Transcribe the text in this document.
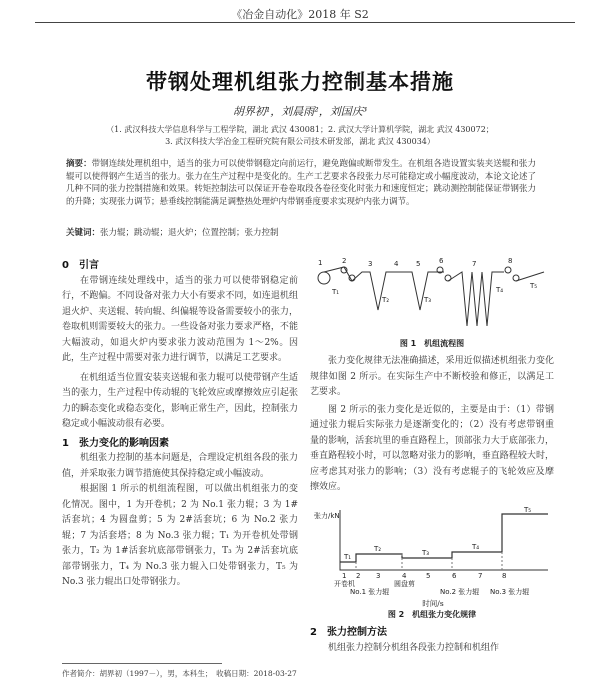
《冶金自动化》2018 年 S2
带钢处理机组张力控制基本措施
胡界初¹，刘晨雨²，刘国庆³
（1. 武汉科技大学信息科学与工程学院，湖北 武汉 430081；2. 武汉大学计算机学院，湖北 武汉 430072；
3. 武汉科技大学冶金工程研究院有限公司技术研发部，湖北 武汉 430034）
摘要：带钢连续处理机组中，适当的张力可以使带钢稳定向前运行，避免跑偏或断带发生。在机组各造设置实装夹送辊和张力辊可以使得钢产生适当的张力。张力在生产过程中是变化的。生产工艺要求各段张力尽可能稳定或小幅度波动，本论文论述了几种不同的张力控制措施和效果。转矩控制法可以保证开卷卷取段各卷径变化时张力和速度恒定；跳动测控制能保证带钢张力的升降；实现张力调节；悬垂线控制能满足调整热处理炉内带钢垂度要求实现炉内张力调节。
关键词：张力辊；跳动辊；退火炉；位置控制；张力控制
0　引言

在带钢连续处理线中，适当的张力可以使带钢稳定前行，不跑偏。不同设备对张力大小有要求不同，如连退机组退火炉、夹送辊、转向辊、纠偏辊等设备需要较小的张力，卷取机则需要较大的张力。一些设备对张力要求严格，不能大幅波动，如退火炉内要求张力波动范围为 1～2%。因此，生产过程中需要对张力进行调节，以满足工艺要求。

在机组适当位置安装夹送辊和张力辊可以使带钢产生适当的张力，生产过程中传动辊的飞轮效应或摩擦效应引起张力的瞬态变化或稳态变化，影响正常生产，因此，控制张力稳定或小幅波动很有必要。

1　张力变化的影响因素

机组张力控制的基本问题是，合理设定机组各段的张力值，并采取张力调节措施使其保持稳定或小幅波动。

根据图 1 所示的机组流程图，可以做出机组张力的变化情况。图中，1 为开卷机；2 为 No.1 张力辊；3 为 1#活套坑；4 为圆盘剪；5 为 2#活套坑；6 为 No.2 张力辊；7 为活套塔；8 为 No.3 张力辊；T₁ 为开卷机处带钢张力，T₂ 为 1#活套坑底部带钢张力，T₃ 为 2#活套坑底部带钢张力，T₄ 为 No.3 张力辊入口处带钢张力，T₅ 为 No.3 张力辊出口处带钢张力。

1	2	3	4	5	6	7	8
T₁
T₂	T₃
T₄	T₅
图 1　机组流程图

张力变化规律无法准确描述，采用近似描述机组张力变化规律如图 2 所示。在实际生产中不断校验和修正，以满足工艺要求。

图 2 所示的张力变化是近似的，主要是由于：（1）带钢通过张力辊后实际张力是逐渐变化的；（2）没有考虑带钢重量的影响，活套坑里的垂直路程上，顶部张力大于底部张力，垂直路程较小时，可以忽略对张力的影响，垂直路程较大时，应考虑其对张力的影响；（3）没有考虑辊子的飞轮效应及摩擦效应。

张力/kN
T₁
T₂	T₃
T₄
T₅
1 2 3	4	5	6	7	8
开卷机
No.1 张力辊
圆盘剪
No.2 张力辊 No.3 张力辊
时间/s
图 2　机组张力变化规律
2　张力控制方法

机组张力控制分机组各段张力控制和机组作

作者简介：胡界初（1997－），男，本科生；　收稿日期：2018-03-27
